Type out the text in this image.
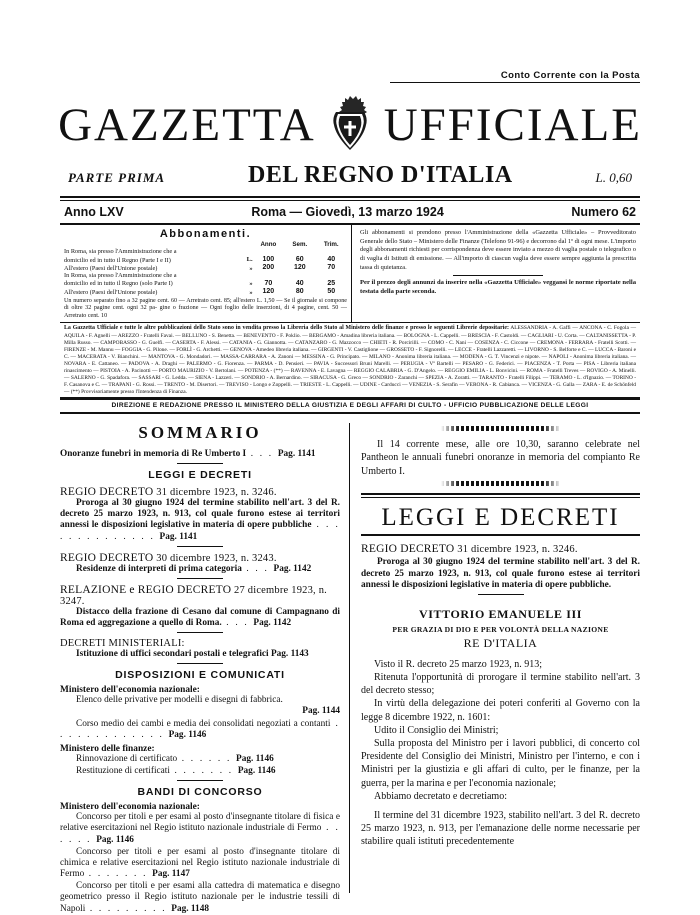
Conto Corrente con la Posta
GAZZETTA UFFICIALE
PARTE PRIMA	DEL REGNO D'ITALIA	L. 0,60
Anno LXV	Roma — Giovedì, 13 marzo 1924	Numero 62
Abbonamenti.
		Anno	Sem.	Trim.
In Roma, sia presso l'Amministrazione che a				
domicilio ed in tutto il Regno (Parte I e II)	L.	100	60	40
All'estero (Paesi dell'Unione postale)	»	200	120	70
In Roma, sia presso l'Amministrazione che a				
domicilio ed in tutto il Regno (solo Parte I)	»	70	40	25
All'estero (Paesi dell'Unione postale)	»	120	80	50
Un numero separato fino a 32 pagine cent. 60 — Arretrato cent. 85; all'estero L. 1,50 — Se il giornale si compone di oltre 32 pagine cent. ogni 32 pa- gine o frazione — Ogni foglio delle inserzioni, di 4 pagine, cent. 50 — Arretrato cent. 10
Gli abbonamenti si prendono presso l'Amministrazione della «Gazzetta Ufficiale» – Provveditorato Generale dello Stato – Ministero delle Finanze (Telefono 91-96) e decorrono dal 1º di ogni mese. L'importo degli abbonamenti richiesti per corrispondenza deve essere inviato a mezzo di vaglia postale o telegrafico o di vaglia di Istituti di emissione. — All'importo di ciascun vaglia deve essere sempre aggiunta la prescritta tassa di quietanza.
Per il prezzo degli annunzi da inserire nella «Gazzetta Ufficiale» veggansi le norme riportate nella testata della parte seconda.
La Gazzetta Ufficiale e tutte le altre pubblicazioni dello Stato sono in vendita presso la Libreria dello Stato al Ministero delle finanze e presso le seguenti Librerie depositarie: ALESSANDRIA - A. Gaffi — ANCONA - C. Fogola — AQUILA - F. Agnelli — AREZZO - Fratelli Favai. — BELLUNO - S. Benetta. — BENEVENTO - F. Poklio. — BERGAMO - Amadina libreria italiana. — BOLOGNA - L. Cappelli. — BRESCIA - F. Castoldi. — CAGLIARI - U. Corta. — CALTANISSETTA - P. Milla Russo. — CAMPOBASSO - G. Guelfi. — CASERTA - F. Alessi. — CATANIA - G. Giannotta. — CATANZARO - G. Mazzocco — CHIETI - R. Porcirilli. — COMO - C. Nani — COSENZA - C. Ciccone — CREMONA - FERRARA - Fratelli Scotti. — FIRENZE - M. Mannu — FOGGIA - G. Pilone. — FORLÌ - G. Archetti. — GENOVA - Amedeo libreria italiana. — GIRGENTI - V. Castiglione — GROSSETO - F. Signorelli. — LECCE - Fratelli Lazzaretti. — LIVORNO - S. Belforte e C. — LUCCA - Baroni e C. — MACERATA - V. Bianchini. — MANTOVA - G. Mondadori. — MASSA-CARRARA - A. Zanoni — MESSINA - G. Principato. — MILANO - Anonima libreria italiana. — MODENA - G. T. Vincenzi e nipote. — NAPOLI - Anonima libreria italiana. — NOVARA - E. Cattaneo. — PADOVA - A. Draghi — PALERMO - G. Fiorenza. — PARMA - D. Pensieri. — PAVIA - Successori Bruni Marelli. — PERUGIA - Vº Bartelli — PESARO - G. Federici. — PIACENZA - T. Porta — PISA - Libreria italiana rinascimento — PISTOIA - A. Pacinotti — PORTO MAURIZIO - V. Bertolani. — POTENZA - (**) — RAVENNA - E. Lavagna — REGGIO CALABRIA - G. D'Angelo. — REGGIO EMILIA - L. Bonvicini. — ROMA - Fratelli Treves — ROVIGO - A. Minelli. — SALERNO - G. Spadafora. — SASSARI - G. Ledda. — SIENA - Lazzeri. — SONDRIO - A. Bernardino. — SIRACUSA - G. Greco — SONDRIO - Zaranchi — SPEZIA - A. Zoratti. — TARANTO - Fratelli Filippi. — TERAMO - L. d'Ignazio. — TORINO - F. Casanova e C. — TRAPANI - G. Rossi. — TRENTO - M. Disertori. — TREVISO - Longo e Zoppelli. — TRIESTE - L. Cappelli. — UDINE - Carducci — VENEZIA - S. Serafin — VERONA - R. Cabianca. — VICENZA - G. Galla — ZARA - E. de Schönfeld — (**) Provvisoriamente presso l'Intendenza di Finanza.
DIREZIONE E REDAZIONE PRESSO IL MINISTERO DELLA GIUSTIZIA E DEGLI AFFARI DI CULTO - UFFICIO PUBBLICAZIONE DELLE LEGGI
SOMMARIO
Onoranze funebri in memoria di Re Umberto I . . . Pag. 1141
LEGGI E DECRETI
REGIO DECRETO 31 dicembre 1923, n. 3246.
Proroga al 30 giugno 1924 del termine stabilito nell'art. 3 del R. decreto 25 marzo 1923, n. 913, col quale furono estese ai territori annessi le disposizioni legislative in materia di opere pubbliche . . . . . . . . . . . . . . Pag. 1141
REGIO DECRETO 30 dicembre 1923, n. 3243.
Residenze di interpreti di prima categoria . . . Pag. 1142
RELAZIONE e REGIO DECRETO 27 dicembre 1923, n. 3247.
Distacco della frazione di Cesano dal comune di Campagnano di Roma ed aggregazione a quello di Roma. . . . Pag. 1142
DECRETI MINISTERIALI:
Istituzione di uffici secondari postali e telegrafici Pag. 1143
DISPOSIZIONI E COMUNICATI
Ministero dell'economia nazionale:
Elenco delle privative per modelli e disegni di fabbrica.
Pag. 1144
Corso medio dei cambi e media dei consolidati negoziati a contanti . . . . . . . . . . . . . Pag. 1146
Ministero delle finanze:
Rinnovazione di certificato . . . . . . Pag. 1146
Restituzione di certificati . . . . . . . Pag. 1146
BANDI DI CONCORSO
Ministero dell'economia nazionale:
Concorso per titoli e per esami al posto d'insegnante titolare di fisica e relative esercitazioni nel Regio istituto nazionale industriale di Fermo . . . . . . Pag. 1146
Concorso per titoli e per esami al posto d'insegnante titolare di chimica e relative esercitazioni nel Regio istituto nazionale industriale di Fermo . . . . . . . Pag. 1147
Concorso per titoli e per esami alla cattedra di matematica e disegno geometrico presso il Regio istituto nazionale per le industrie tessili di Napoli . . . . . . . . . Pag. 1148
Il 14 corrente mese, alle ore 10,30, saranno celebrate nel Pantheon le annuali funebri onoranze in memoria del compianto Re Umberto I.
LEGGI E DECRETI
REGIO DECRETO 31 dicembre 1923, n. 3246.
Proroga al 30 giugno 1924 del termine stabilito nell'art. 3 del R. decreto 25 marzo 1923, n. 913, col quale furono estese ai territori annessi le disposizioni legislative in materia di opere pubbliche.
VITTORIO EMANUELE III
PER GRAZIA DI DIO E PER VOLONTÀ DELLA NAZIONE
RE D'ITALIA
Visto il R. decreto 25 marzo 1923, n. 913;
Ritenuta l'opportunità di prorogare il termine stabilito nell'art. 3 del decreto stesso;
In virtù della delegazione dei poteri conferiti al Governo con la legge 8 dicembre 1922, n. 1601:
Udito il Consiglio dei Ministri;
Sulla proposta del Ministro per i lavori pubblici, di concerto col Presidente del Consiglio dei Ministri, Ministro per l'interno, e con i Ministri per la giustizia e gli affari di culto, per le finanze, per la guerra, per la marina e per l'economia nazionale;
Abbiamo decretato e decretiamo:
Il termine del 31 dicembre 1923, stabilito nell'art. 3 del R. decreto 25 marzo 1923, n. 913, per l'emanazione delle norme necessarie per stabilire quali istituti precedentemente
